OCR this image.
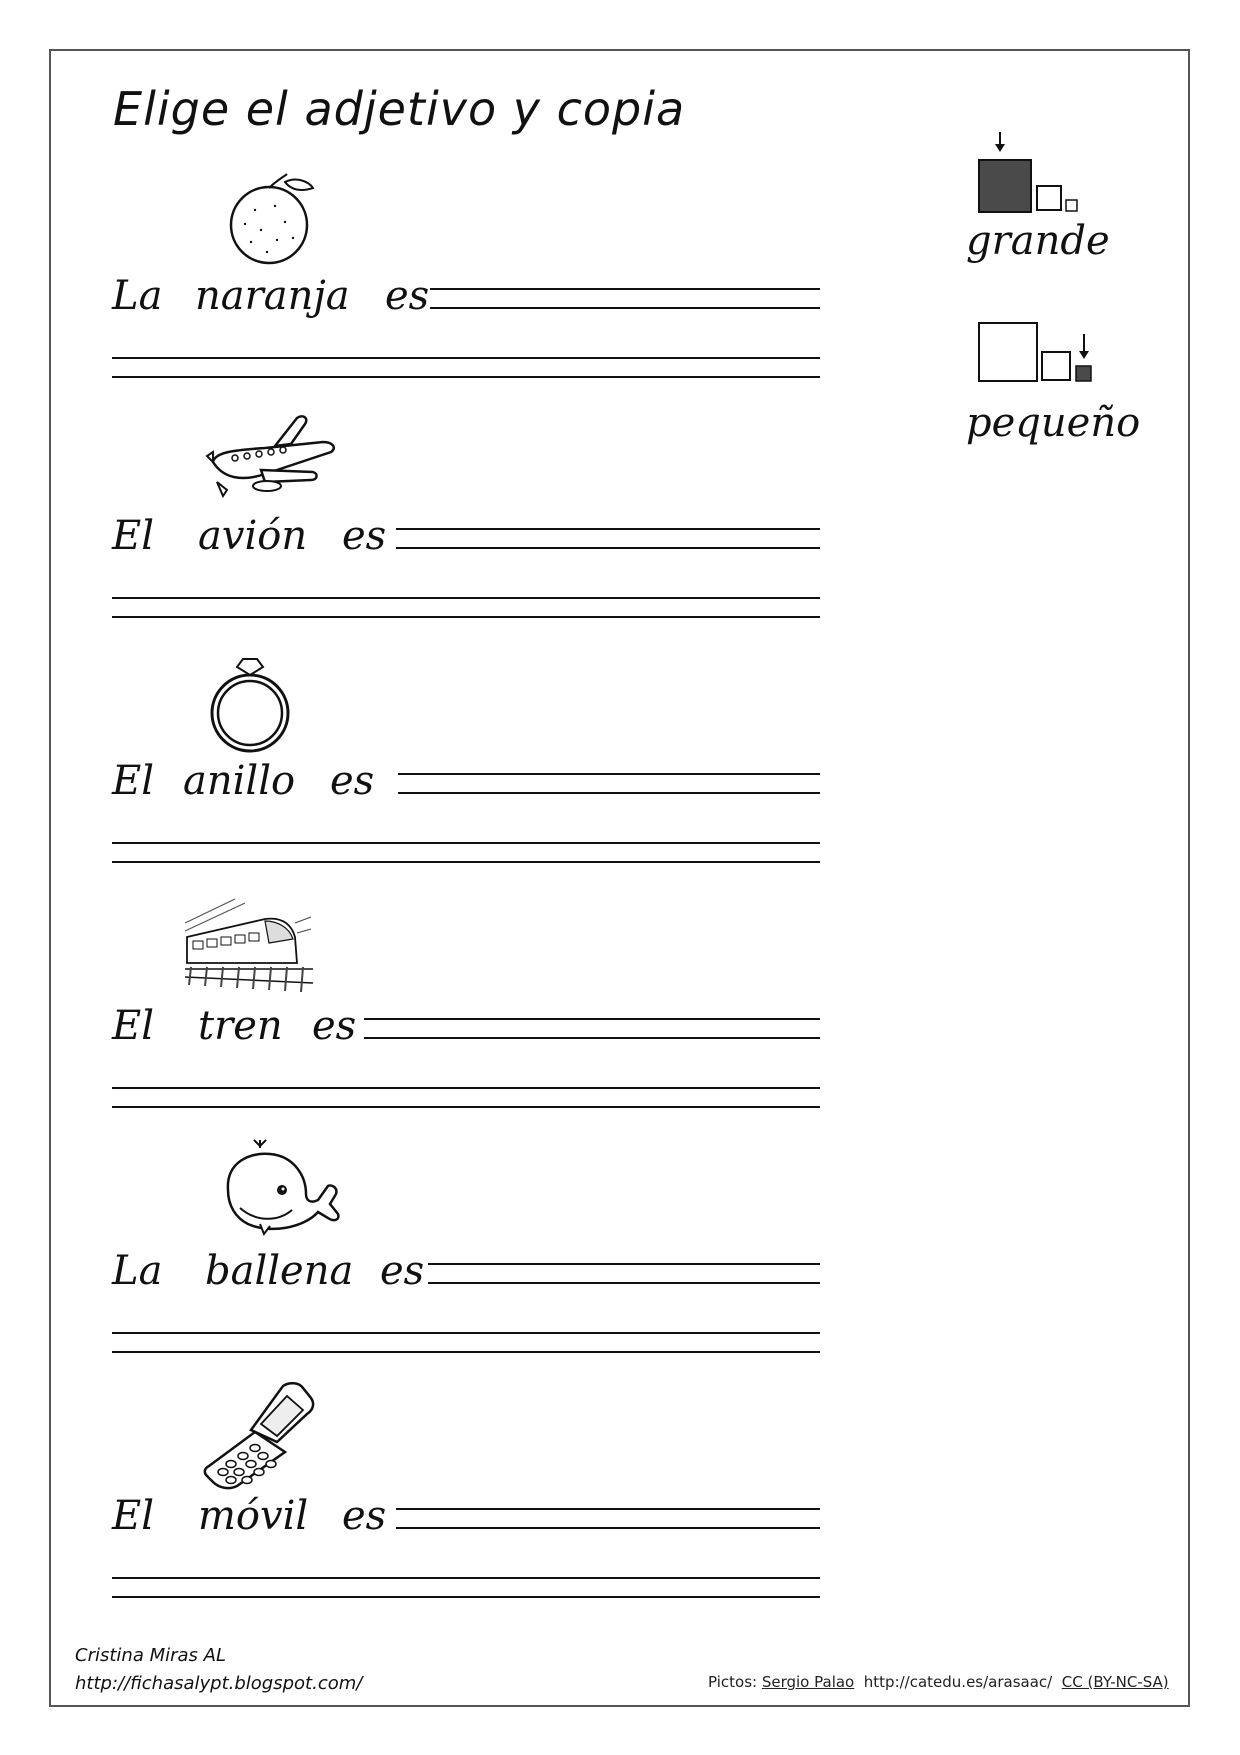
Elige el adjetivo y copia
grande
pequeño
La naranja es
El avión es
El anillo es
El tren es
La ballena es
El móvil es
Cristina Miras AL
http://fichasalypt.blogspot.com/	Pictos: Sergio Palao http://catedu.es/arasaac/ CC (BY-NC-SA)
